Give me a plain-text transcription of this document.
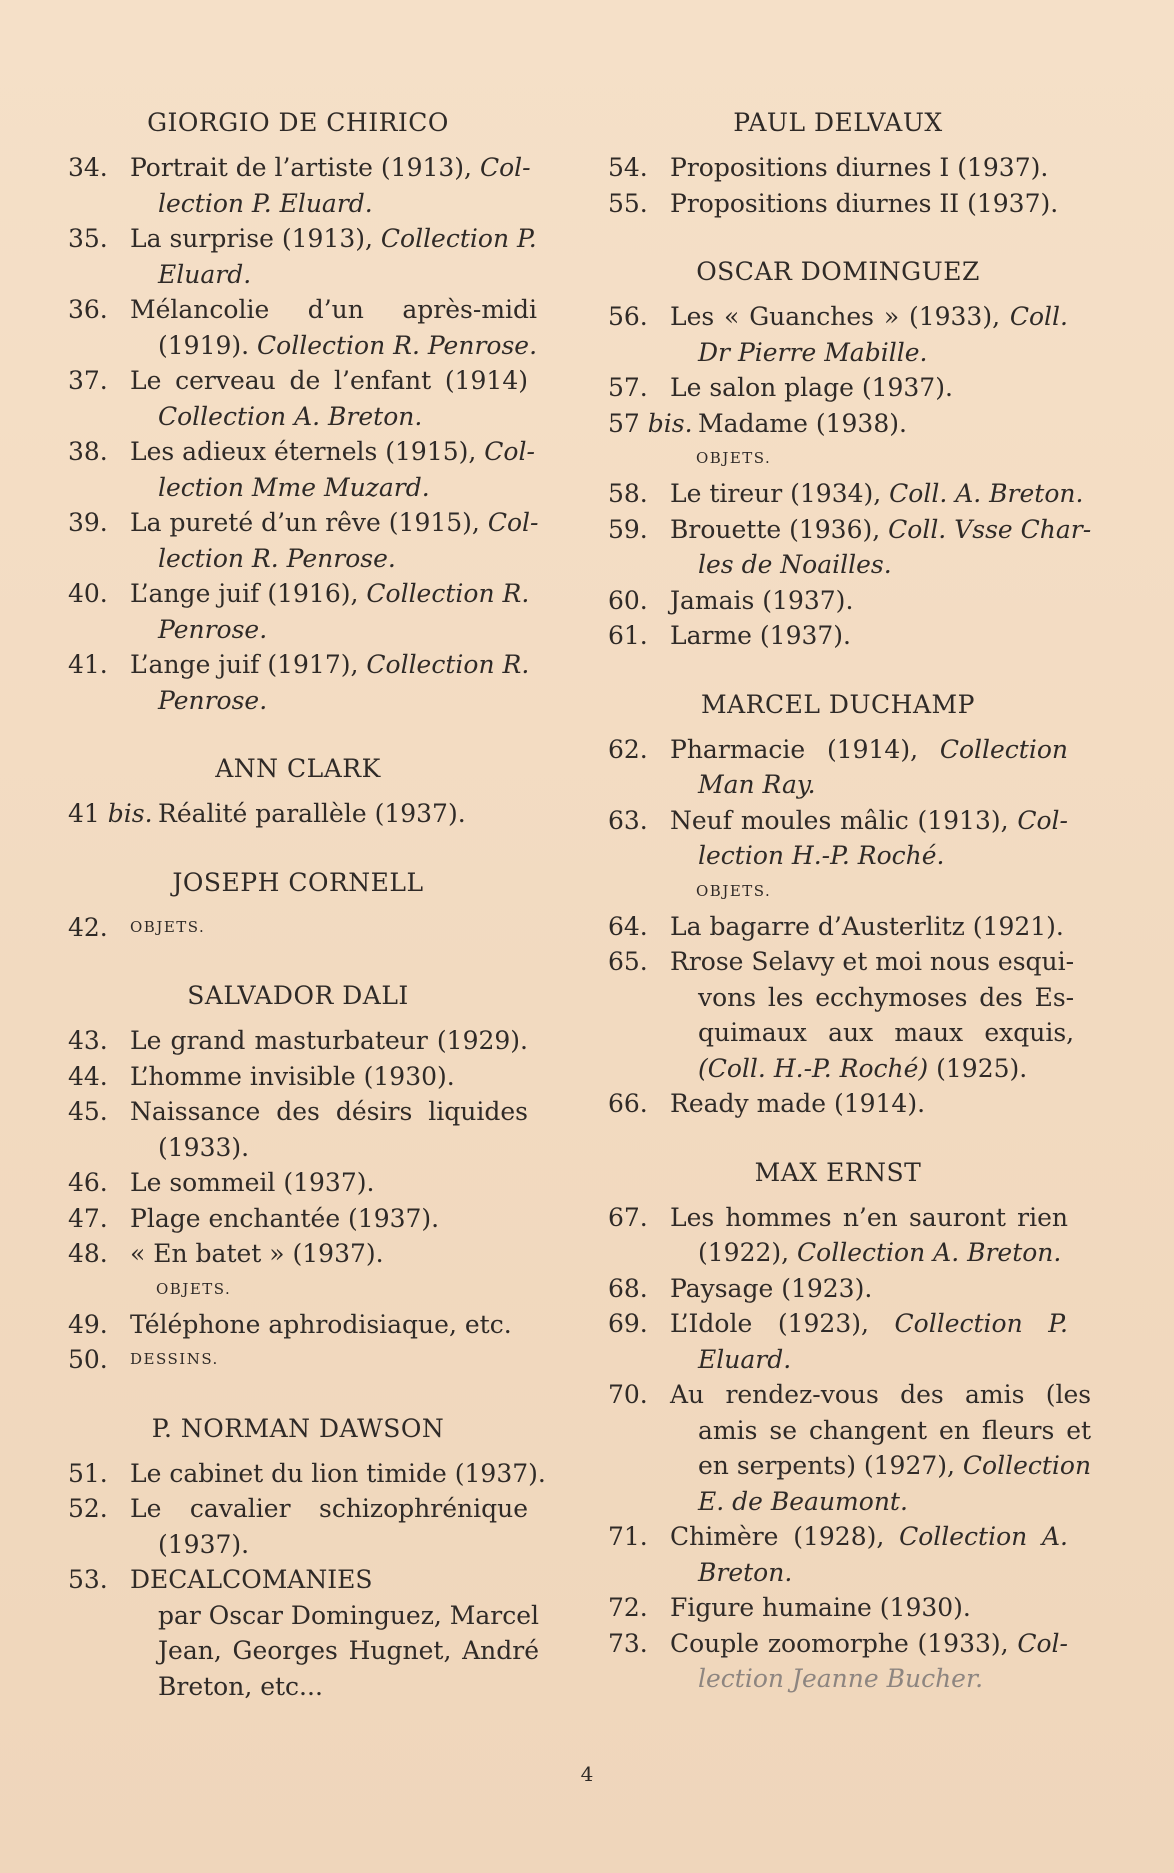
GIORGIO DE CHIRICO
34. Portrait de l’artiste (1913), Col-
lection P. Eluard.
35. La surprise (1913), Collection P.
Eluard.
36. Mélancolie d’un après-midi
(1919). Collection R. Penrose.
37. Le cerveau de l’enfant (1914)
Collection A. Breton.
38. Les adieux éternels (1915), Col-
lection Mme Muzard.
39. La pureté d’un rêve (1915), Col-
lection R. Penrose.
40. L’ange juif (1916), Collection R.
Penrose.
41. L’ange juif (1917), Collection R.
Penrose.
ANN CLARK
41 bis. Réalité parallèle (1937).
JOSEPH CORNELL
42.	OBJETS.
SALVADOR DALI
43. Le grand masturbateur (1929).
44. L’homme invisible (1930).
45. Naissance des désirs liquides
(1933).
46. Le sommeil (1937).
47. Plage enchantée (1937).
48. « En batet » (1937).
OBJETS.
49. Téléphone aphrodisiaque, etc.
50.	DESSINS.
P. NORMAN DAWSON
51. Le cabinet du lion timide (1937).
52. Le cavalier schizophrénique
(1937).
53. DECALCOMANIES
par Oscar Dominguez, Marcel
Jean, Georges Hugnet, André
Breton, etc...
PAUL DELVAUX
54. Propositions diurnes I (1937).
55. Propositions diurnes II (1937).
OSCAR DOMINGUEZ
56. Les « Guanches » (1933), Coll.
Dr Pierre Mabille.
57. Le salon plage (1937).
57 bis. Madame (1938).
OBJETS.
58. Le tireur (1934), Coll. A. Breton.
59. Brouette (1936), Coll. Vsse Char-
les de Noailles.
60. Jamais (1937).
61. Larme (1937).
MARCEL DUCHAMP
62. Pharmacie (1914), Collection
Man Ray.
63. Neuf moules mâlic (1913), Col-
lection H.-P. Roché.
OBJETS.
64. La bagarre d’Austerlitz (1921).
65. Rrose Selavy et moi nous esqui-
vons les ecchymoses des Es-
quimaux aux maux exquis,
(Coll. H.-P. Roché) (1925).
66. Ready made (1914).
MAX ERNST
67. Les hommes n’en sauront rien
(1922), Collection A. Breton.
68. Paysage (1923).
69. L’Idole (1923), Collection P.
Eluard.
70. Au rendez-vous des amis (les
amis se changent en fleurs et
en serpents) (1927), Collection
E. de Beaumont.
71. Chimère (1928), Collection A.
Breton.
72. Figure humaine (1930).
73. Couple zoomorphe (1933), Col-
lection Jeanne Bucher.
4
